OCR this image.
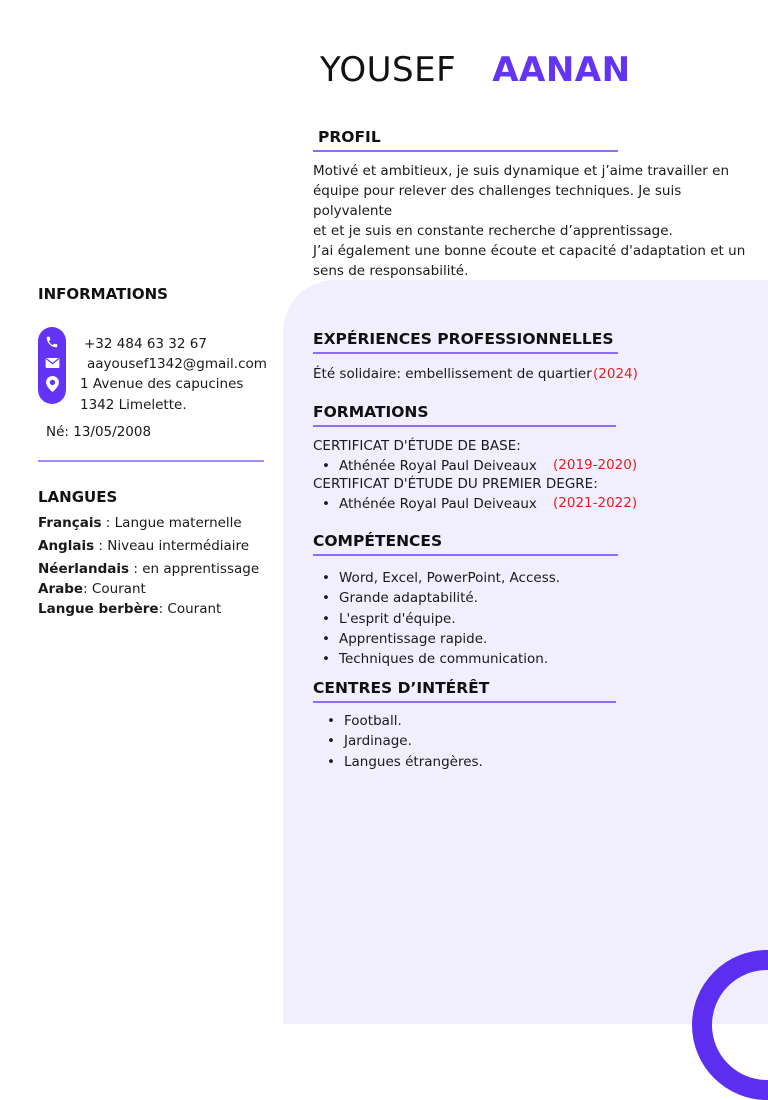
YOUSEF AANAN
PROFIL
Motivé et ambitieux, je suis dynamique et j’aime travailler en
équipe pour relever des challenges techniques. Je suis polyvalente
et et je suis en constante recherche d’apprentissage.
J’ai également une bonne écoute et capacité d'adaptation et un
sens de responsabilité.
INFORMATIONS
+32 484 63 32 67
aayousef1342@gmail.com
1 Avenue des capucines
1342 Limelette.
Né: 13/05/2008
LANGUES
Français : Langue maternelle
Anglais : Niveau intermédiaire
Néerlandais : en apprentissage
Arabe: Courant
Langue berbère: Courant
EXPÉRIENCES PROFESSIONNELLES
Été solidaire: embellissement de quartier (2024)
FORMATIONS
CERTIFICAT D'ÉTUDE DE BASE:
• Athénée Royal Paul Deiveaux (2019-2020)
CERTIFICAT D'ÉTUDE DU PREMIER DEGRE:
• Athénée Royal Paul Deiveaux (2021-2022)
COMPÉTENCES
• Word, Excel, PowerPoint, Access.
• Grande adaptabilité.
• L'esprit d'équipe.
• Apprentissage rapide.
• Techniques de communication.
CENTRES D’INTÉRÊT
• Football.
• Jardinage.
• Langues étrangères.
